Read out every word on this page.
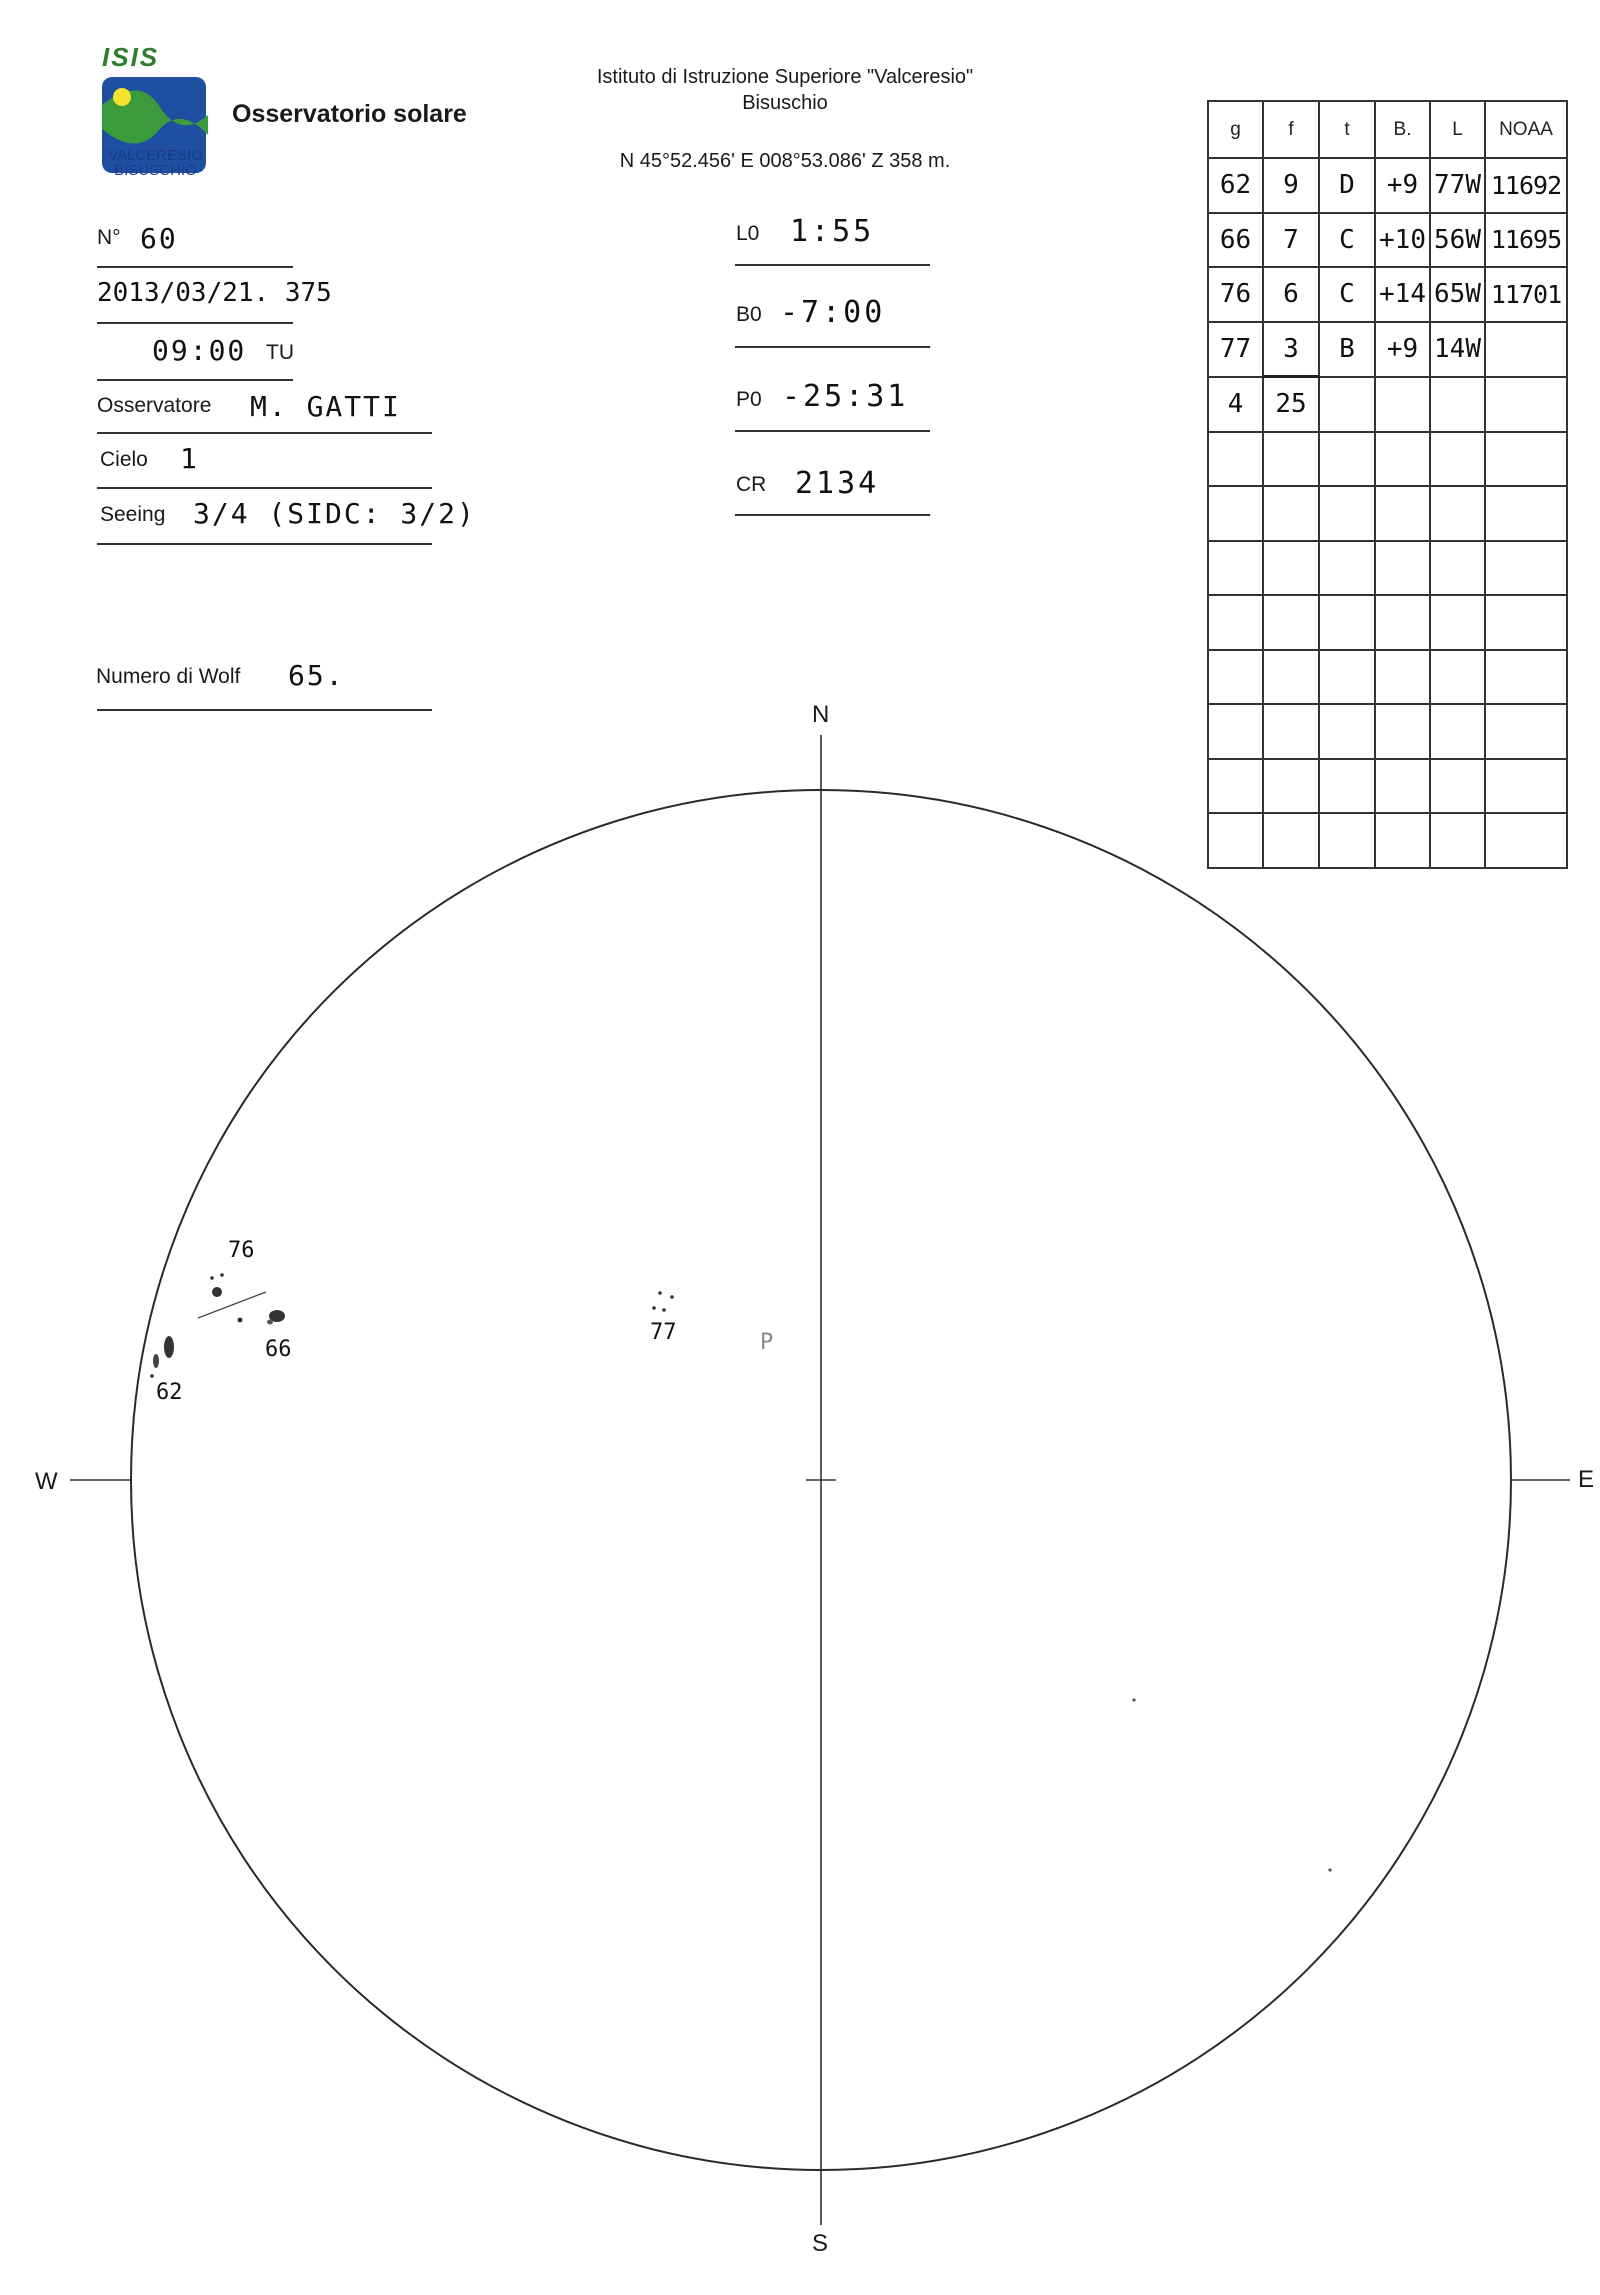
ISIS
VALCERESIO
BISUSCHIO
Osservatorio solare
Istituto di Istruzione Superiore "Valceresio"
Bisuschio
N 45°52.456' E 008°53.086' Z 358 m.
N° 60
2013/03/21. 375
09:00 TU
Osservatore M. GATTI
Cielo 1
Seeing 3/4 (SIDC: 3/2)
Numero di Wolf 65.
L0 1:55
B0 -7:00
P0 -25:31
CR 2134
g	f	t	B.	L	NOAA
62	9	D	+9	77W	11692
66	7	C	+10	56W	11695
76	6	C	+14	65W	11701
77	3	B	+9	14W	
4	25				

N
S
W	E
76
66
62
77	P
